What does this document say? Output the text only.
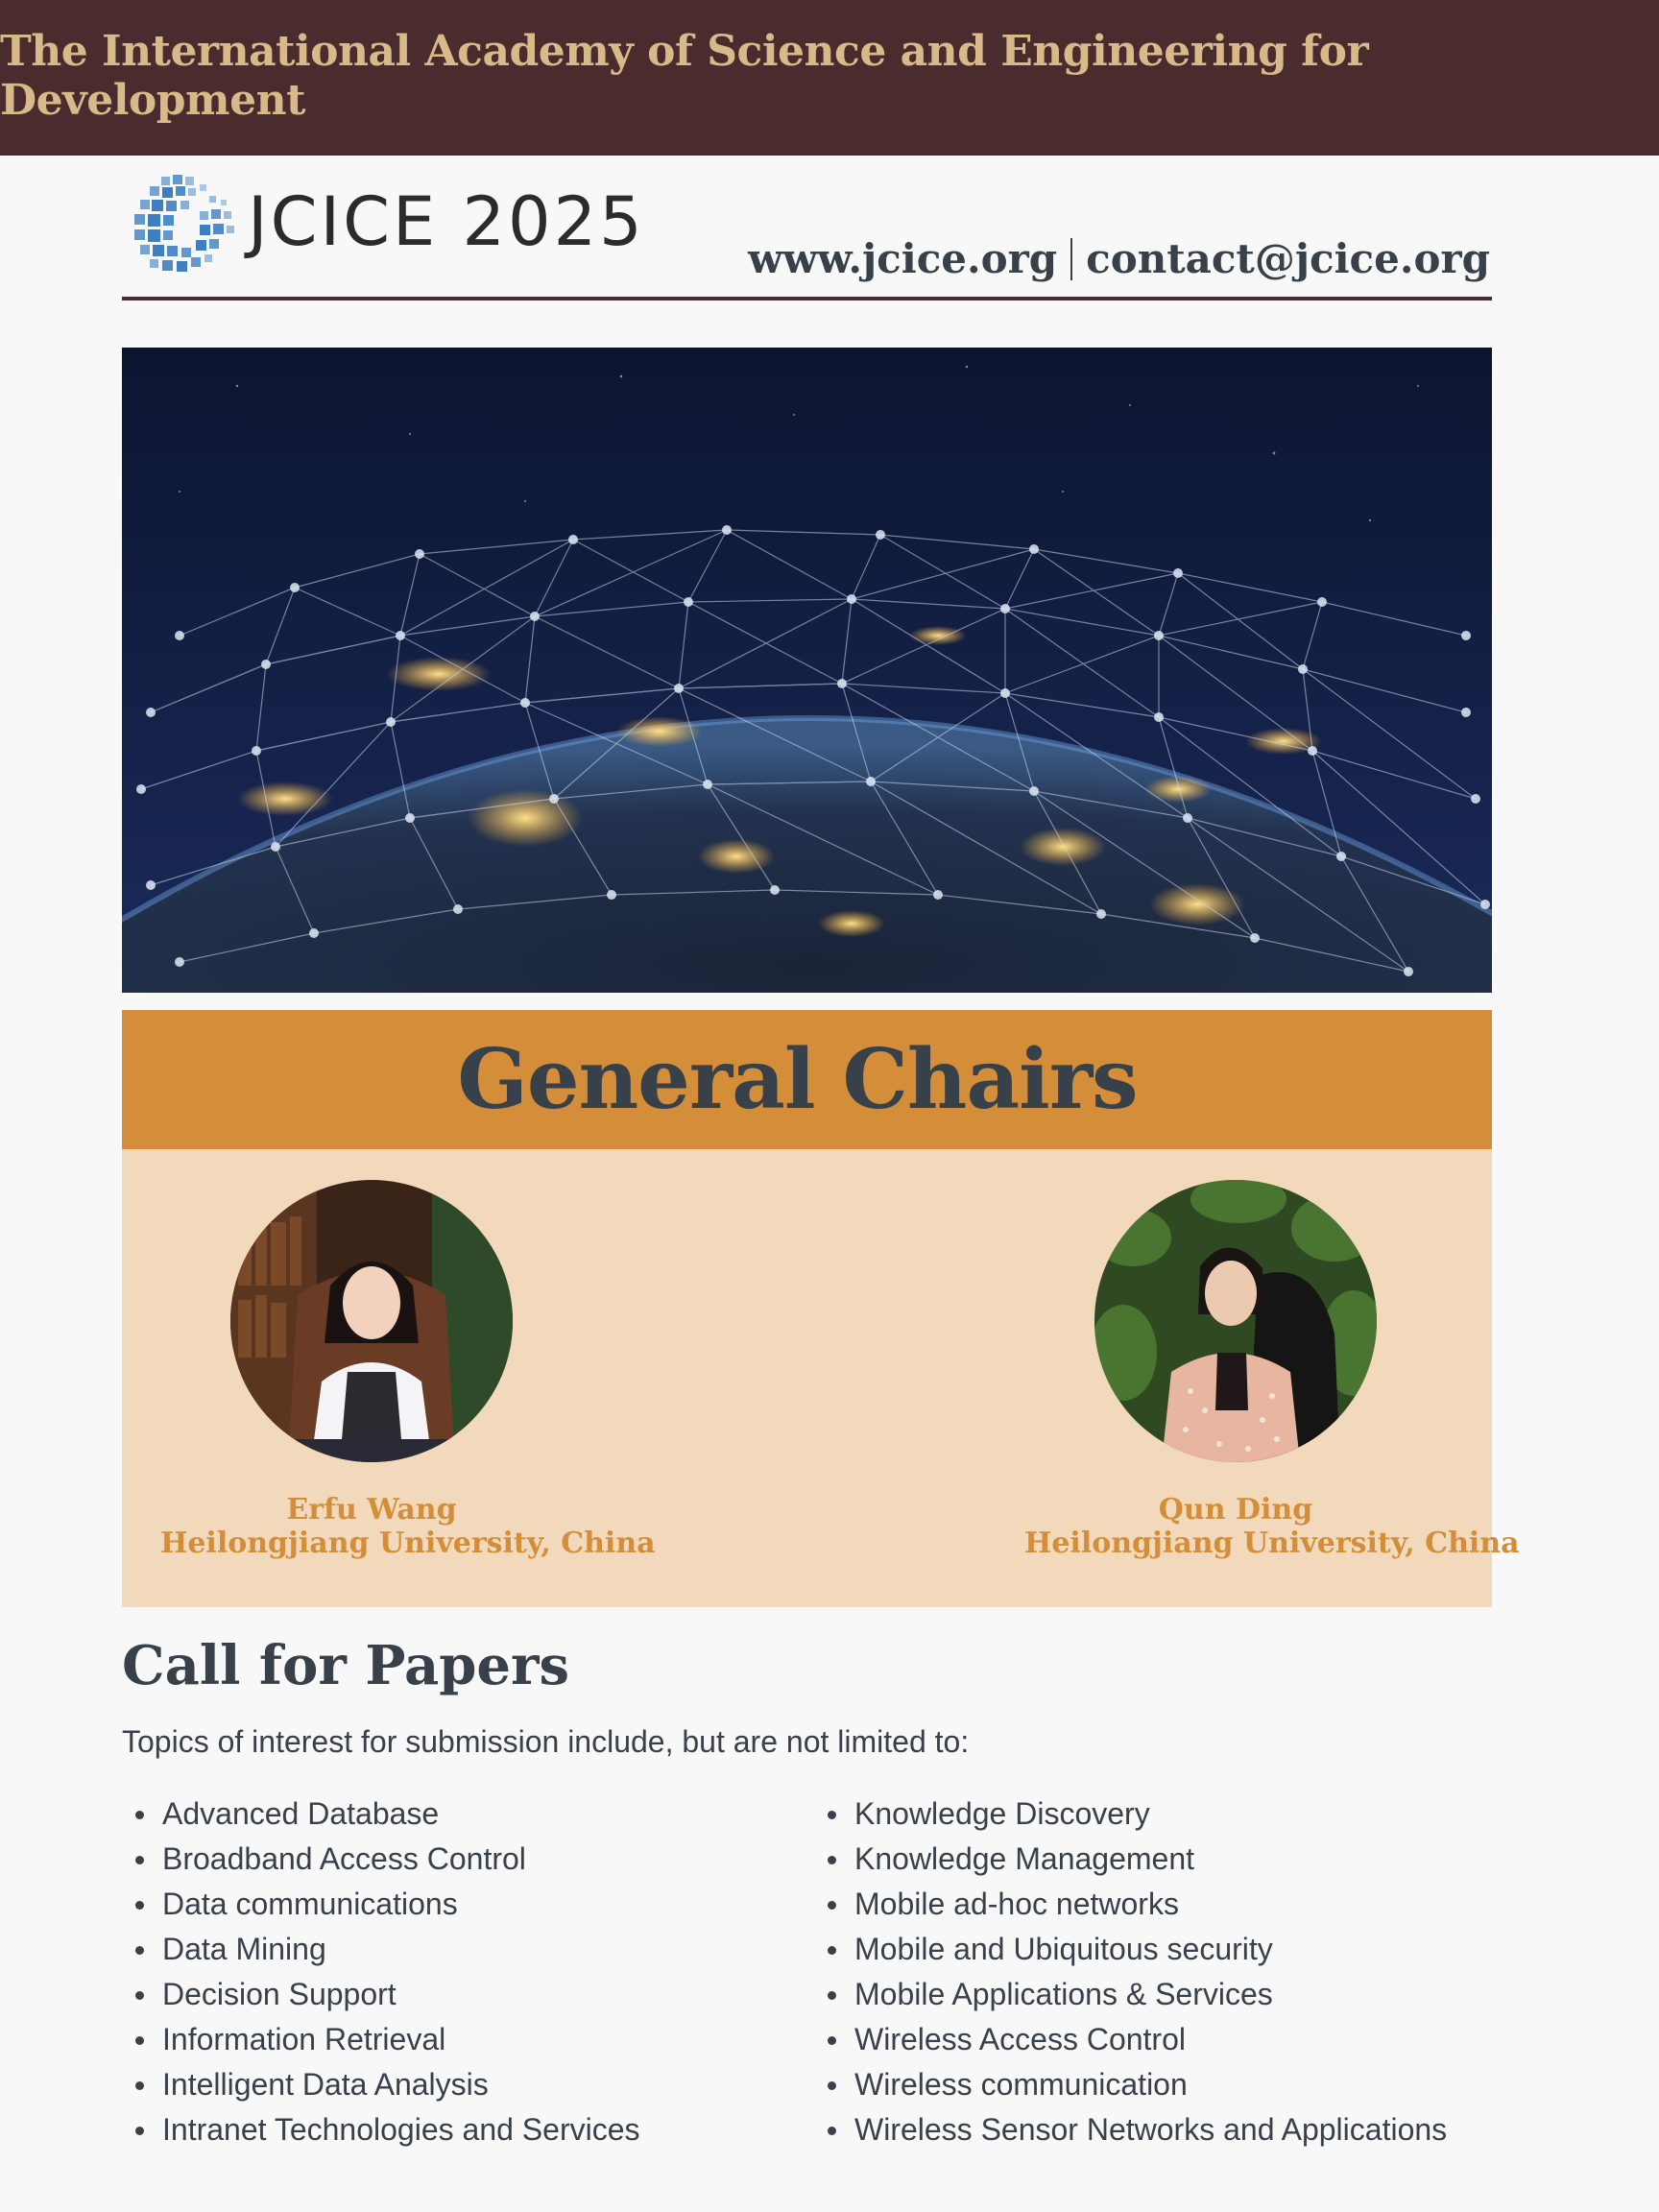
The International Academy of Science and Engineering for Development
JCICE 2025	www.jcice.org contact@jcice.org
General Chairs
Erfu Wang
Heilongjiang University, China
Qun Ding
Heilongjiang University, China
Call for Papers
Topics of interest for submission include, but are not limited to:
Advanced Database
Broadband Access Control
Data communications
Data Mining
Decision Support
Information Retrieval
Intelligent Data Analysis
Intranet Technologies and Services
Knowledge Discovery
Knowledge Management
Mobile ad-hoc networks
Mobile and Ubiquitous security
Mobile Applications & Services
Wireless Access Control
Wireless communication
Wireless Sensor Networks and Applications
